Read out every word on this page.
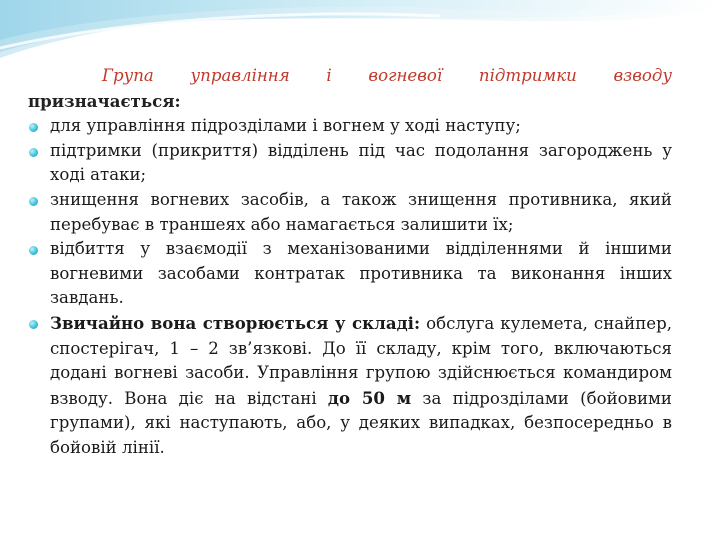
Група управління і вогневої підтримки взводу призначається:

для управління підрозділами і вогнем у ході наступу;
підтримки (прикриття) відділень під час подолання загороджень у ході атаки;
знищення вогневих засобів, а також знищення противника, який перебуває в траншеях або намагається залишити їх;
відбиття у взаємодії з механізованими відділеннями й іншими вогневими засобами контратак противника та виконання інших завдань.
Звичайно вона створюється у складі: обслуга кулемета, снайпер, спостерігач, 1 – 2 зв’язкові. До її складу, крім того, включаються додані вогневі засоби. Управління групою здійснюється командиром взводу. Вона діє на відстані до 50 м за підрозділами (бойовими групами), які наступають, або, у деяких випадках, безпосередньо в бойовій лінії.
